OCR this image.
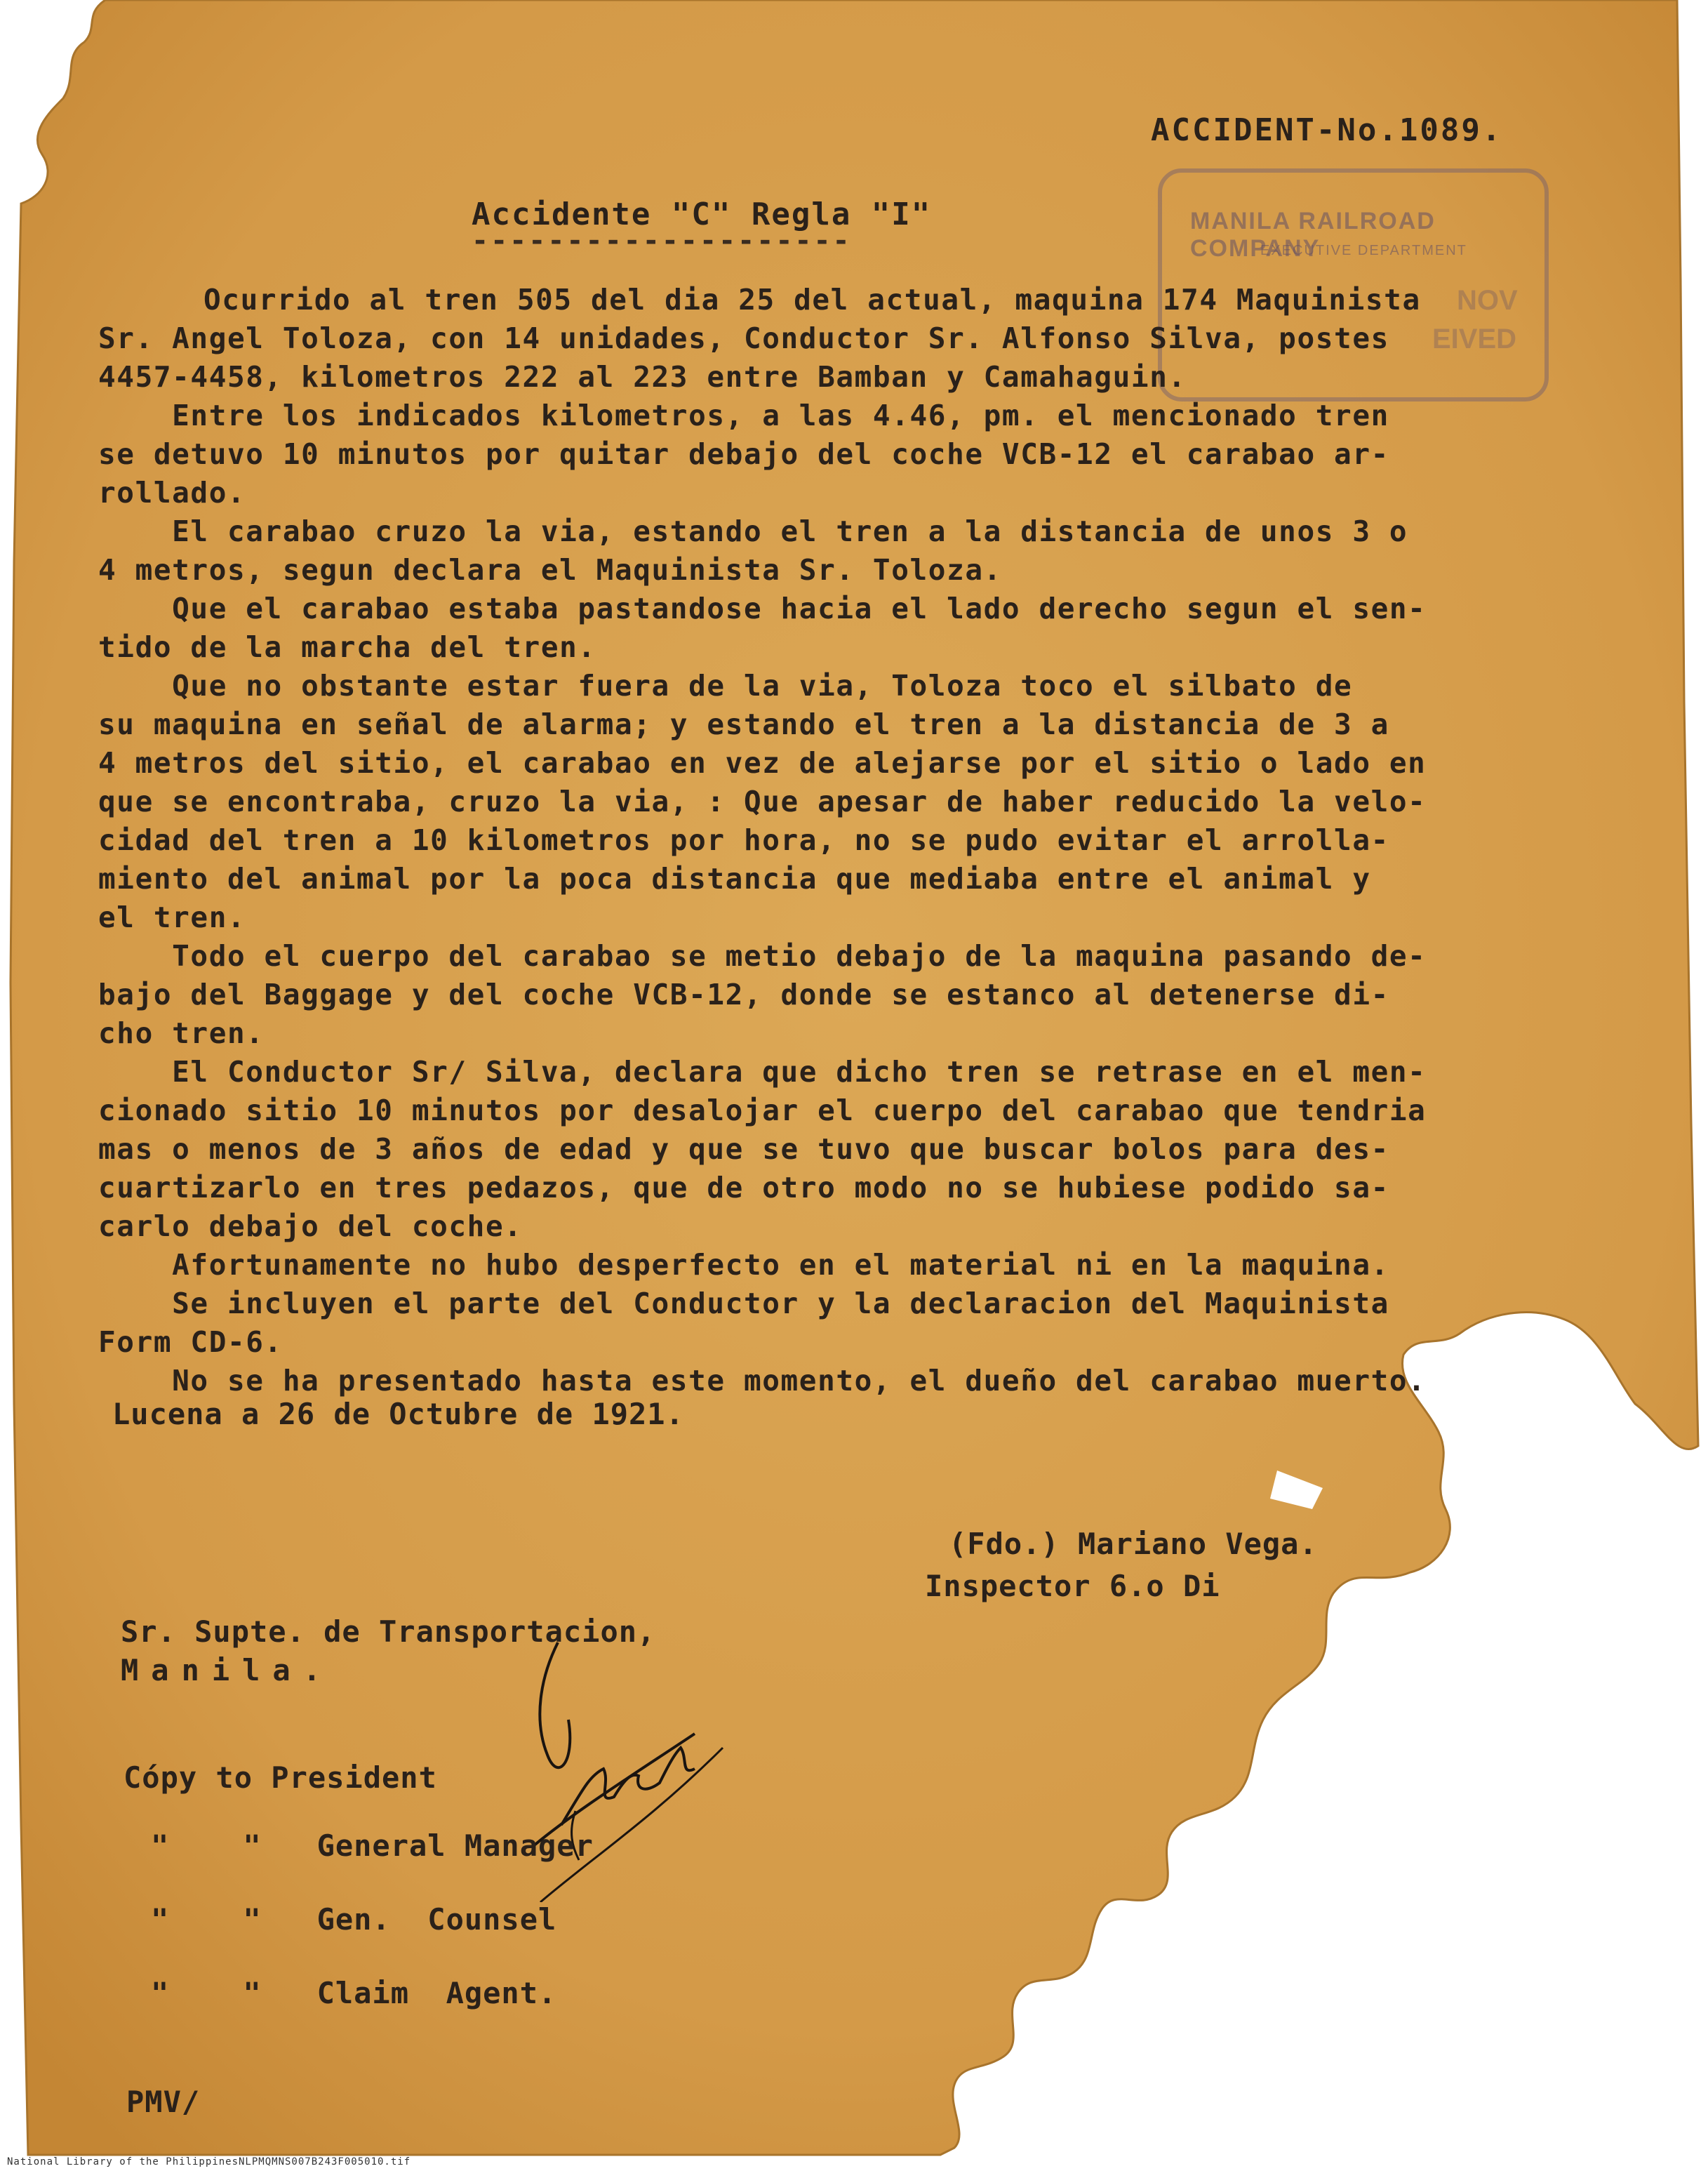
ACCIDENT-No.1089.
MANILA RAILROAD COMPANY
EXECUTIVE DEPARTMENT
NOV
EIVED
Accidente "C" Regla "I"
--------------------

Ocurrido al tren 505 del dia 25 del actual, maquina 174 Maquinista
Sr. Angel Toloza, con 14 unidades, Conductor Sr. Alfonso Silva, postes
4457-4458, kilometros 222 al 223 entre Bamban y Camahaguin.

Entre los indicados kilometros, a las 4.46, pm. el mencionado tren
se detuvo 10 minutos por quitar debajo del coche VCB-12 el carabao ar-
rollado.

El carabao cruzo la via, estando el tren a la distancia de unos 3 o
4 metros, segun declara el Maquinista Sr. Toloza.

Que el carabao estaba pastandose hacia el lado derecho segun el sen-
tido de la marcha del tren.

Que no obstante estar fuera de la via, Toloza toco el silbato de
su maquina en señal de alarma; y estando el tren a la distancia de 3 a
4 metros del sitio, el carabao en vez de alejarse por el sitio o lado en
que se encontraba, cruzo la via, : Que apesar de haber reducido la velo-
cidad del tren a 10 kilometros por hora, no se pudo evitar el arrolla-
miento del animal por la poca distancia que mediaba entre el animal y
el tren.

Todo el cuerpo del carabao se metio debajo de la maquina pasando de-
bajo del Baggage y del coche VCB-12, donde se estanco al detenerse di-
cho tren.

El Conductor Sr/ Silva, declara que dicho tren se retrase en el men-
cionado sitio 10 minutos por desalojar el cuerpo del carabao que tendria
mas o menos de 3 años de edad y que se tuvo que buscar bolos para des-
cuartizarlo en tres pedazos, que de otro modo no se hubiese podido sa-
carlo debajo del coche.

Afortunamente no hubo desperfecto en el material ni en la maquina.

Se incluyen el parte del Conductor y la declaracion del Maquinista
Form CD-6.

No se ha presentado hasta este momento, el dueño del carabao muerto.

Lucena a 26 de Octubre de 1921.
(Fdo.) Mariano Vega.
Inspector 6.o Di
Sr. Supte. de Transportacion,
Manila.
Cópy to President
"    "   General Manager
"    "   Gen.  Counsel
"    "   Claim  Agent.
PMV/
National Library of the Philippines NLPMQMNS007B243F005010.tif
